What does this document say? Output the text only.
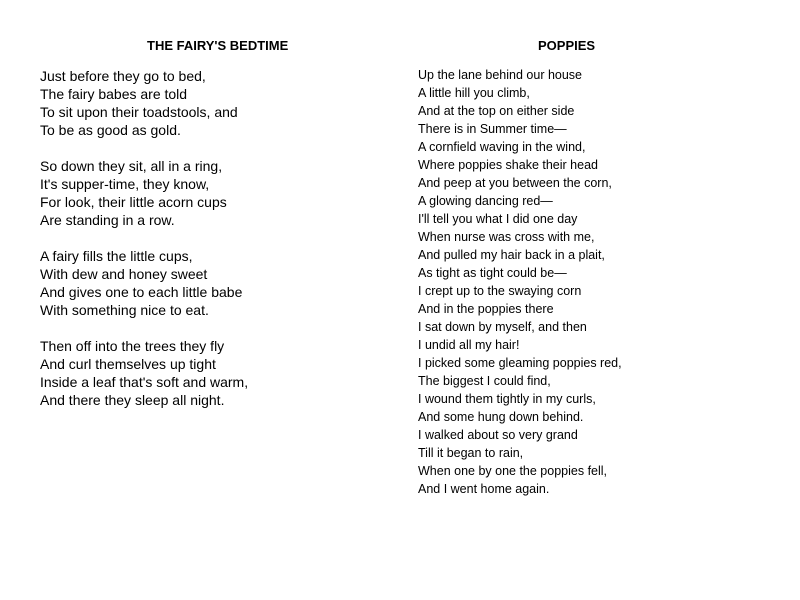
THE FAIRY'S BEDTIME

Just before they go to bed,
The fairy babes are told
To sit upon their toadstools, and
To be as good as gold.

So down they sit, all in a ring,
It's supper-time, they know,
For look, their little acorn cups
Are standing in a row.

A fairy fills the little cups,
With dew and honey sweet
And gives one to each little babe
With something nice to eat.

Then off into the trees they fly
And curl themselves up tight
Inside a leaf that's soft and warm,
And there they sleep all night.

POPPIES
Up the lane behind our house
A little hill you climb,
And at the top on either side
There is in Summer time—
A cornfield waving in the wind,
Where poppies shake their head
And peep at you between the corn,
A glowing dancing red—
I'll tell you what I did one day
When nurse was cross with me,
And pulled my hair back in a plait,
As tight as tight could be—
I crept up to the swaying corn
And in the poppies there
I sat down by myself, and then
I undid all my hair!
I picked some gleaming poppies red,
The biggest I could find,
I wound them tightly in my curls,
And some hung down behind.
I walked about so very grand
Till it began to rain,
When one by one the poppies fell,
And I went home again.
